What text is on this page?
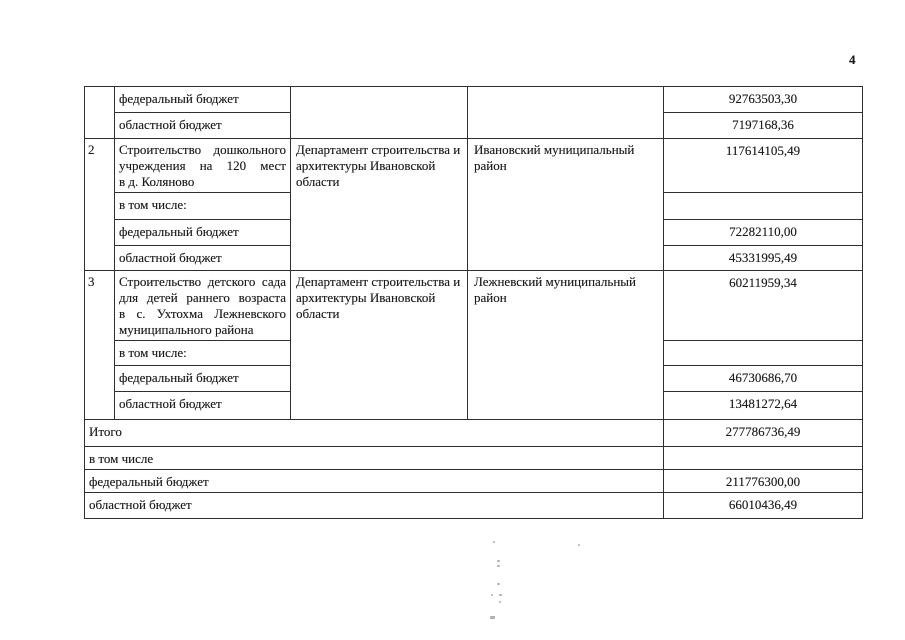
4
	федеральный бюджет			92763503,30
	областной бюджет			7197168,36
2	Строительство дошкольного учреждения на 120 мест в д. Коляново	Департамент строительства и архитектуры Ивановской области	Ивановский муниципальный район	117614105,49
	в том числе:			
	федеральный бюджет			72282110,00
	областной бюджет			45331995,49
3	Строительство детского сада для детей раннего возраста в с. Ухтохма Лежневского муниципального района	Департамент строительства и архитектуры Ивановской области	Лежневский муниципальный район	60211959,34
	в том числе:			
	федеральный бюджет			46730686,70
	областной бюджет			13481272,64
Итого				277786736,49
в том числе				
федеральный бюджет				211776300,00
областной бюджет				66010436,49
